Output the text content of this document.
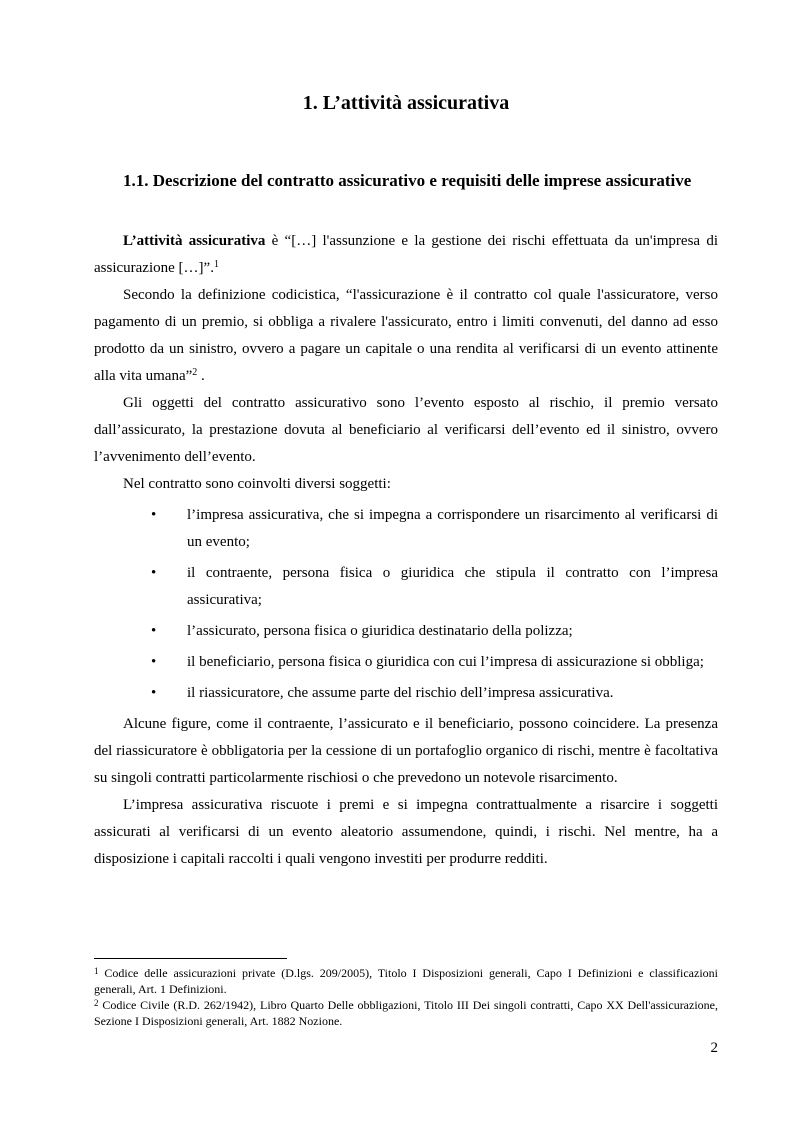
1. L’attività assicurativa
1.1. Descrizione del contratto assicurativo e requisiti delle imprese assicurative

L’attività assicurativa è “[…] l'assunzione e la gestione dei rischi effettuata da un'impresa di assicurazione […]”.$^1$

Secondo la definizione codicistica, “l'assicurazione è il contratto col quale l'assicuratore, verso pagamento di un premio, si obbliga a rivalere l'assicurato, entro i limiti convenuti, del danno ad esso prodotto da un sinistro, ovvero a pagare un capitale o una rendita al verificarsi di un evento attinente alla vita umana”$^2$ .

Gli oggetti del contratto assicurativo sono l’evento esposto al rischio, il premio versato dall’assicurato, la prestazione dovuta al beneficiario al verificarsi dell’evento ed il sinistro, ovvero l’avvenimento dell’evento.

Nel contratto sono coinvolti diversi soggetti:

• l’impresa assicurativa, che si impegna a corrispondere un risarcimento al verificarsi di un evento;
• il contraente, persona fisica o giuridica che stipula il contratto con l’impresa assicurativa;
• l’assicurato, persona fisica o giuridica destinatario della polizza;
• il beneficiario, persona fisica o giuridica con cui l’impresa di assicurazione si obbliga;
• il riassicuratore, che assume parte del rischio dell’impresa assicurativa.

Alcune figure, come il contraente, l’assicurato e il beneficiario, possono coincidere. La presenza del riassicuratore è obbligatoria per la cessione di un portafoglio organico di rischi, mentre è facoltativa su singoli contratti particolarmente rischiosi o che prevedono un notevole risarcimento.

L’impresa assicurativa riscuote i premi e si impegna contrattualmente a risarcire i soggetti assicurati al verificarsi di un evento aleatorio assumendone, quindi, i rischi. Nel mentre, ha a disposizione i capitali raccolti i quali vengono investiti per produrre redditi.

$^1$ Codice delle assicurazioni private (D.lgs. 209/2005), Titolo I Disposizioni generali, Capo I Definizioni e classificazioni generali, Art. 1 Definizioni.

$^2$ Codice Civile (R.D. 262/1942), Libro Quarto Delle obbligazioni, Titolo III Dei singoli contratti, Capo XX Dell'assicurazione, Sezione I Disposizioni generali, Art. 1882 Nozione.

2
